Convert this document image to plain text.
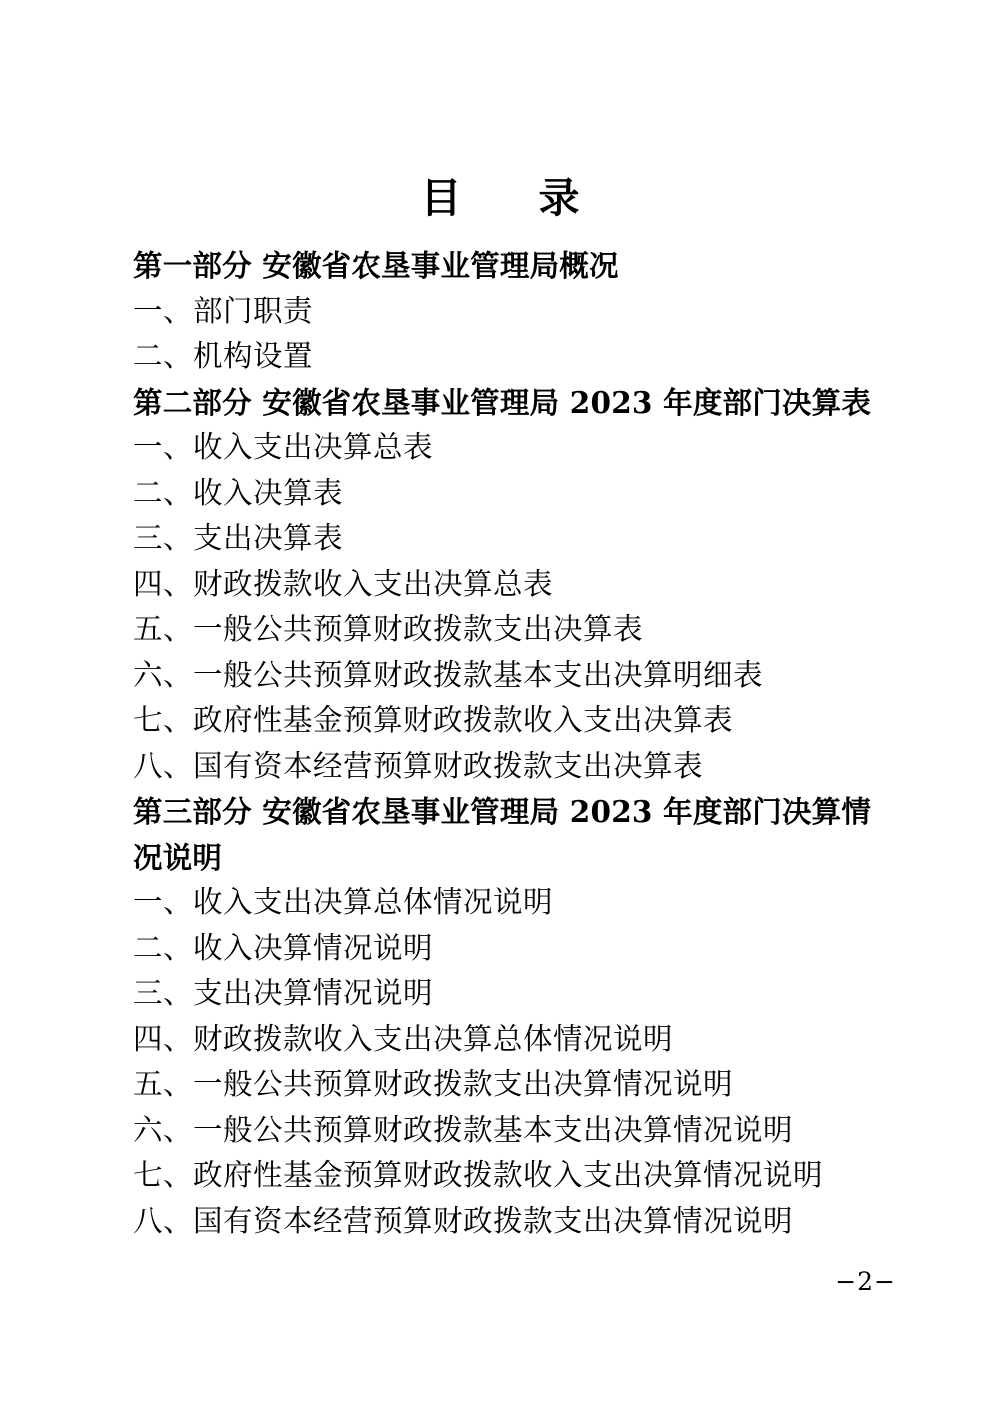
目　录
第一部分 安徽省农垦事业管理局概况
一、部门职责
二、机构设置
第二部分 安徽省农垦事业管理局 2023 年度部门决算表
一、收入支出决算总表
二、收入决算表
三、支出决算表
四、财政拨款收入支出决算总表
五、一般公共预算财政拨款支出决算表
六、一般公共预算财政拨款基本支出决算明细表
七、政府性基金预算财政拨款收入支出决算表
八、国有资本经营预算财政拨款支出决算表
第三部分 安徽省农垦事业管理局 2023 年度部门决算情况说明
一、收入支出决算总体情况说明
二、收入决算情况说明
三、支出决算情况说明
四、财政拨款收入支出决算总体情况说明
五、一般公共预算财政拨款支出决算情况说明
六、一般公共预算财政拨款基本支出决算情况说明
七、政府性基金预算财政拨款收入支出决算情况说明
八、国有资本经营预算财政拨款支出决算情况说明
−2−
